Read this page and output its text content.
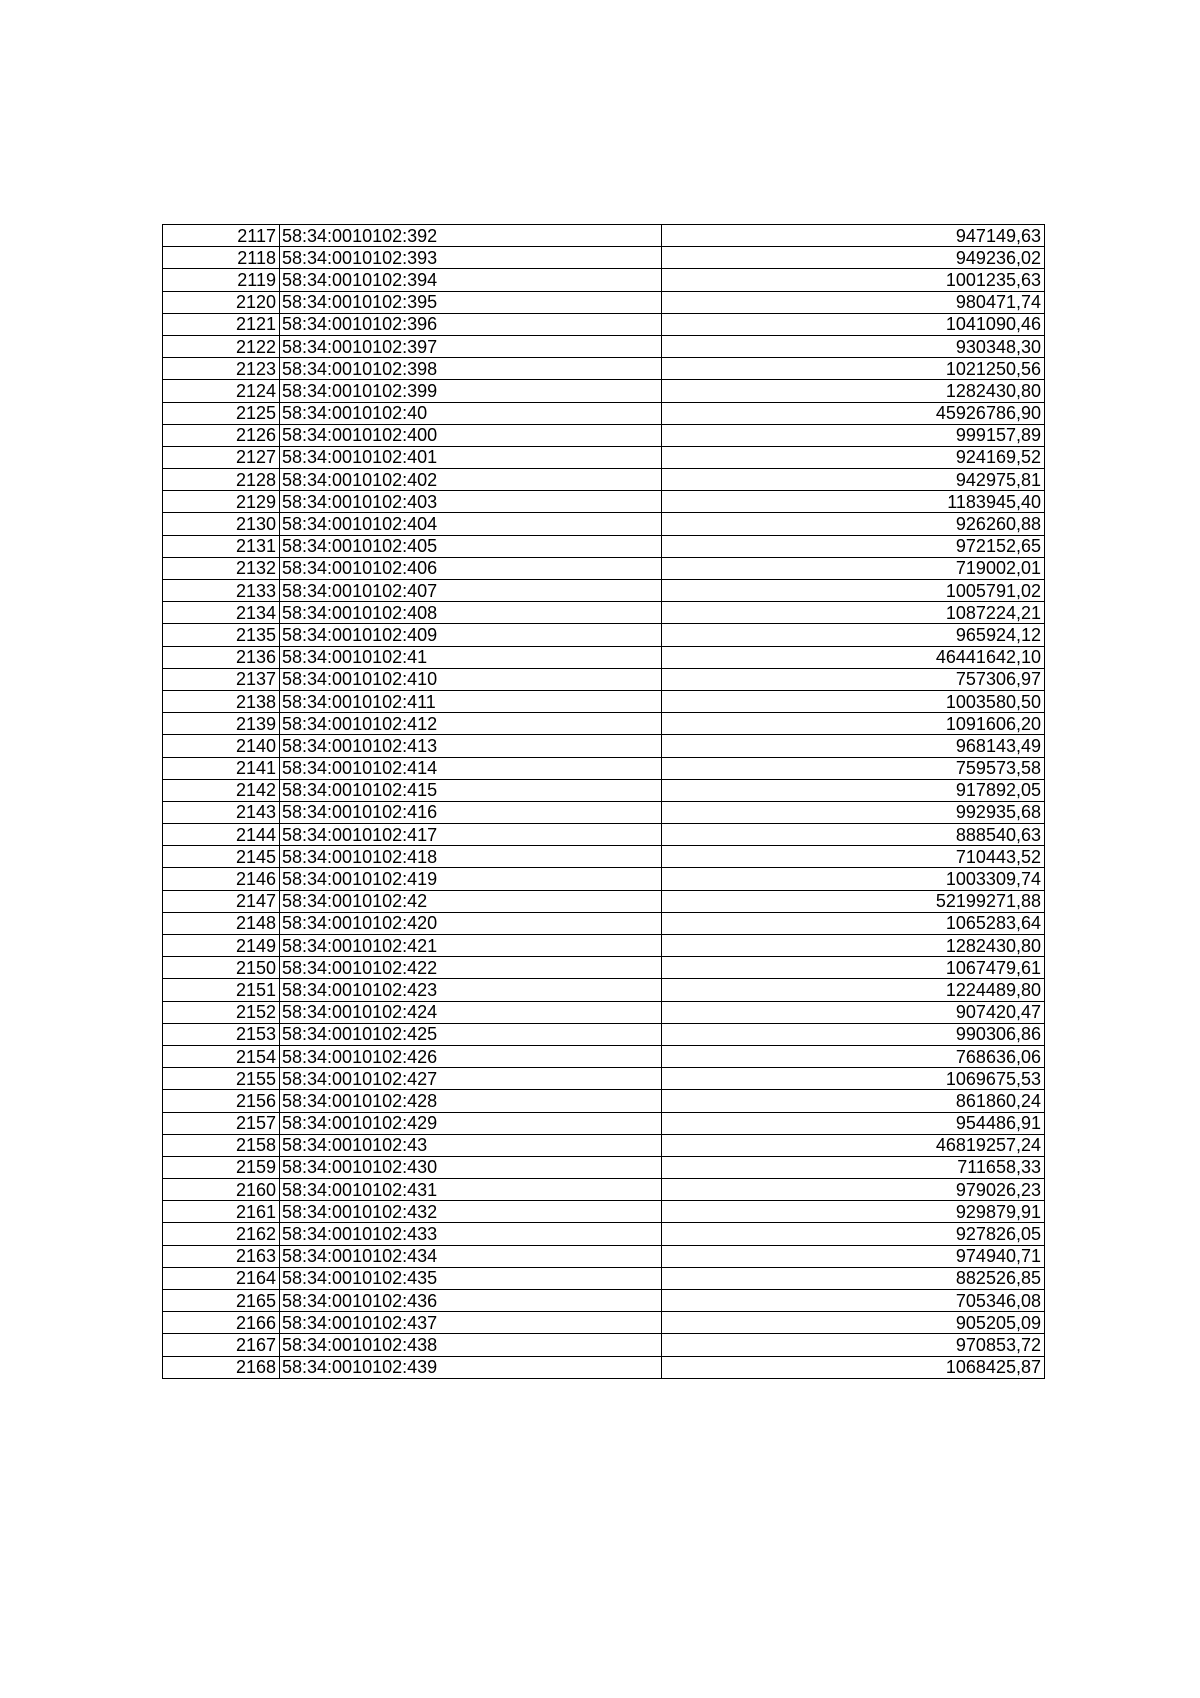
2117	58:34:0010102:392	947149,63
2118	58:34:0010102:393	949236,02
2119	58:34:0010102:394	1001235,63
2120	58:34:0010102:395	980471,74
2121	58:34:0010102:396	1041090,46
2122	58:34:0010102:397	930348,30
2123	58:34:0010102:398	1021250,56
2124	58:34:0010102:399	1282430,80
2125	58:34:0010102:40	45926786,90
2126	58:34:0010102:400	999157,89
2127	58:34:0010102:401	924169,52
2128	58:34:0010102:402	942975,81
2129	58:34:0010102:403	1183945,40
2130	58:34:0010102:404	926260,88
2131	58:34:0010102:405	972152,65
2132	58:34:0010102:406	719002,01
2133	58:34:0010102:407	1005791,02
2134	58:34:0010102:408	1087224,21
2135	58:34:0010102:409	965924,12
2136	58:34:0010102:41	46441642,10
2137	58:34:0010102:410	757306,97
2138	58:34:0010102:411	1003580,50
2139	58:34:0010102:412	1091606,20
2140	58:34:0010102:413	968143,49
2141	58:34:0010102:414	759573,58
2142	58:34:0010102:415	917892,05
2143	58:34:0010102:416	992935,68
2144	58:34:0010102:417	888540,63
2145	58:34:0010102:418	710443,52
2146	58:34:0010102:419	1003309,74
2147	58:34:0010102:42	52199271,88
2148	58:34:0010102:420	1065283,64
2149	58:34:0010102:421	1282430,80
2150	58:34:0010102:422	1067479,61
2151	58:34:0010102:423	1224489,80
2152	58:34:0010102:424	907420,47
2153	58:34:0010102:425	990306,86
2154	58:34:0010102:426	768636,06
2155	58:34:0010102:427	1069675,53
2156	58:34:0010102:428	861860,24
2157	58:34:0010102:429	954486,91
2158	58:34:0010102:43	46819257,24
2159	58:34:0010102:430	711658,33
2160	58:34:0010102:431	979026,23
2161	58:34:0010102:432	929879,91
2162	58:34:0010102:433	927826,05
2163	58:34:0010102:434	974940,71
2164	58:34:0010102:435	882526,85
2165	58:34:0010102:436	705346,08
2166	58:34:0010102:437	905205,09
2167	58:34:0010102:438	970853,72
2168	58:34:0010102:439	1068425,87
